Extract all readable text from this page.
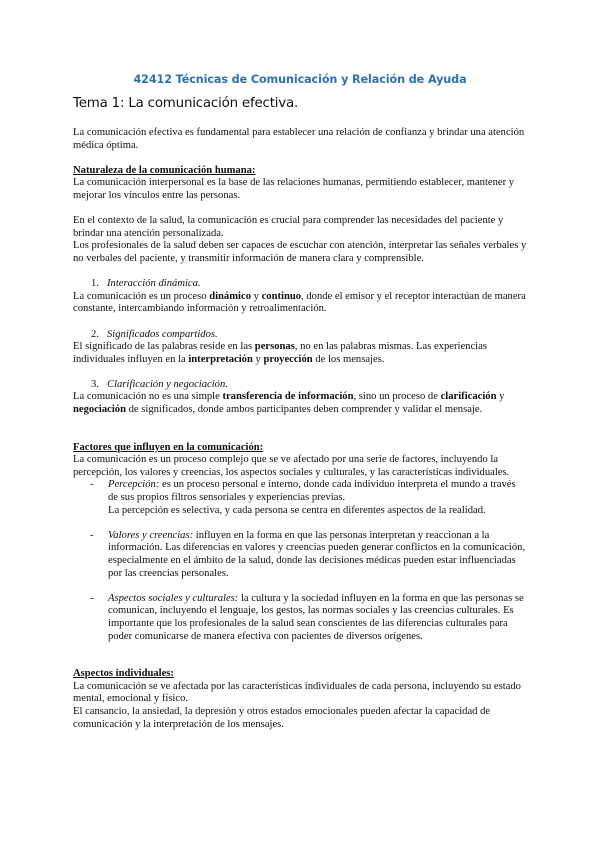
42412 Técnicas de Comunicación y Relación de Ayuda
Tema 1: La comunicación efectiva.

La comunicación efectiva es fundamental para establecer una relación de confianza y brindar una atención médica óptima.

Naturaleza de la comunicación humana:

La comunicación interpersonal es la base de las relaciones humanas, permitiendo establecer, mantener y mejorar los vínculos entre las personas.

En el contexto de la salud, la comunicación es crucial para comprender las necesidades del paciente y brindar una atención personalizada.

Los profesionales de la salud deben ser capaces de escuchar con atención, interpretar las señales verbales y no verbales del paciente, y transmitir información de manera clara y comprensible.

1. Interacción dinámica.

La comunicación es un proceso dinámico y continuo, donde el emisor y el receptor interactúan de manera constante, intercambiando información y retroalimentación.

2. Significados compartidos.

El significado de las palabras reside en las personas, no en las palabras mismas. Las experiencias individuales influyen en la interpretación y proyección de los mensajes.

3. Clarificación y negociación.

La comunicación no es una simple transferencia de información, sino un proceso de clarificación y negociación de significados, donde ambos participantes deben comprender y validar el mensaje.

Factores que influyen en la comunicación:

La comunicación es un proceso complejo que se ve afectado por una serie de factores, incluyendo la percepción, los valores y creencias, los aspectos sociales y culturales, y las características individuales.

- Percepción: es un proceso personal e interno, donde cada individuo interpreta el mundo a través de sus propios filtros sensoriales y experiencias previas.

La percepción es selectiva, y cada persona se centra en diferentes aspectos de la realidad.

- Valores y creencias: influyen en la forma en que las personas interpretan y reaccionan a la información. Las diferencias en valores y creencias pueden generar conflictos en la comunicación, especialmente en el ámbito de la salud, donde las decisiones médicas pueden estar influenciadas por las creencias personales.

- Aspectos sociales y culturales: la cultura y la sociedad influyen en la forma en que las personas se comunican, incluyendo el lenguaje, los gestos, las normas sociales y las creencias culturales. Es importante que los profesionales de la salud sean conscientes de las diferencias culturales para poder comunicarse de manera efectiva con pacientes de diversos orígenes.

Aspectos individuales:

La comunicación se ve afectada por las características individuales de cada persona, incluyendo su estado mental, emocional y físico.

El cansancio, la ansiedad, la depresión y otros estados emocionales pueden afectar la capacidad de comunicación y la interpretación de los mensajes.
